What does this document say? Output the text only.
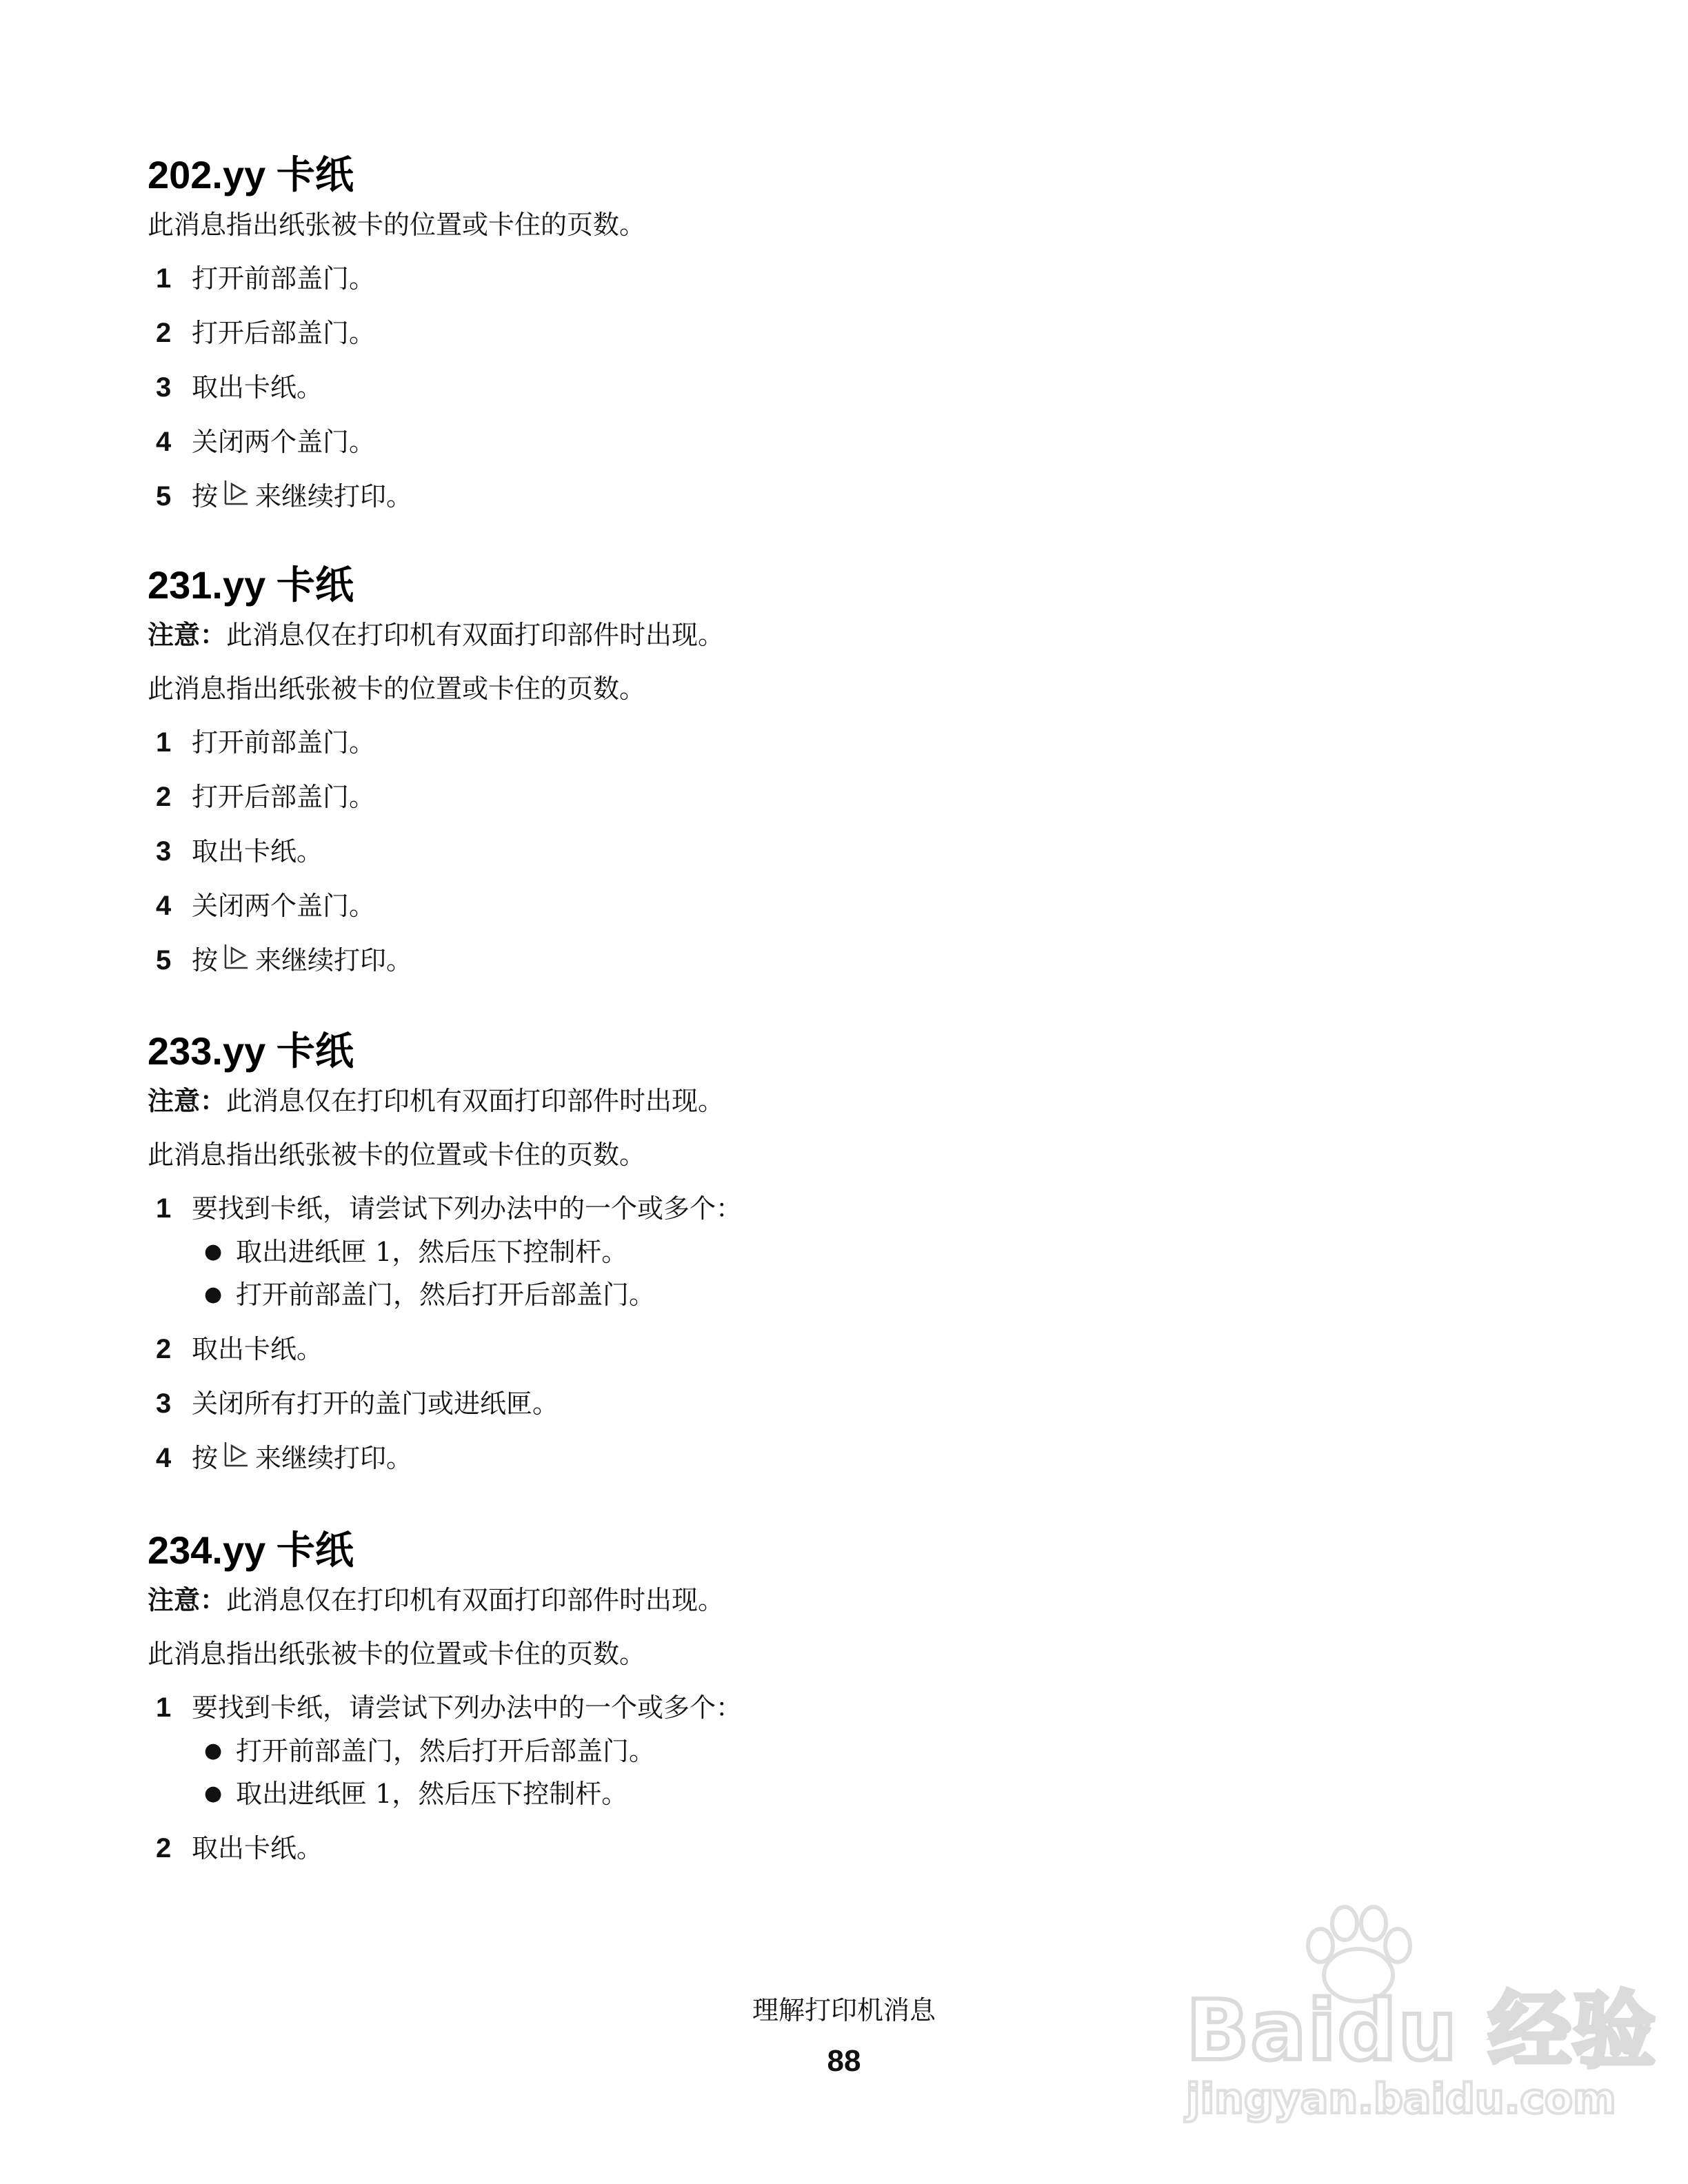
202.yy 卡纸
此消息指出纸张被卡的位置或卡住的页数。
1 打开前部盖门。
2 打开后部盖门。
3 取出卡纸。
4 关闭两个盖门。
5 按 来继续打印。
231.yy 卡纸
注意：此消息仅在打印机有双面打印部件时出现。
此消息指出纸张被卡的位置或卡住的页数。
1 打开前部盖门。
2 打开后部盖门。
3 取出卡纸。
4 关闭两个盖门。
5 按 来继续打印。
233.yy 卡纸
注意：此消息仅在打印机有双面打印部件时出现。
此消息指出纸张被卡的位置或卡住的页数。
1 要找到卡纸，请尝试下列办法中的一个或多个：
● 取出进纸匣 1，然后压下控制杆。
● 打开前部盖门，然后打开后部盖门。
2 取出卡纸。
3 关闭所有打开的盖门或进纸匣。
4 按 来继续打印。
234.yy 卡纸
注意：此消息仅在打印机有双面打印部件时出现。
此消息指出纸张被卡的位置或卡住的页数。
1 要找到卡纸，请尝试下列办法中的一个或多个：
● 打开前部盖门，然后打开后部盖门。
● 取出进纸匣 1，然后压下控制杆。
2 取出卡纸。
理解打印机消息
88	Baidu 经验
jingyan.baidu.com
